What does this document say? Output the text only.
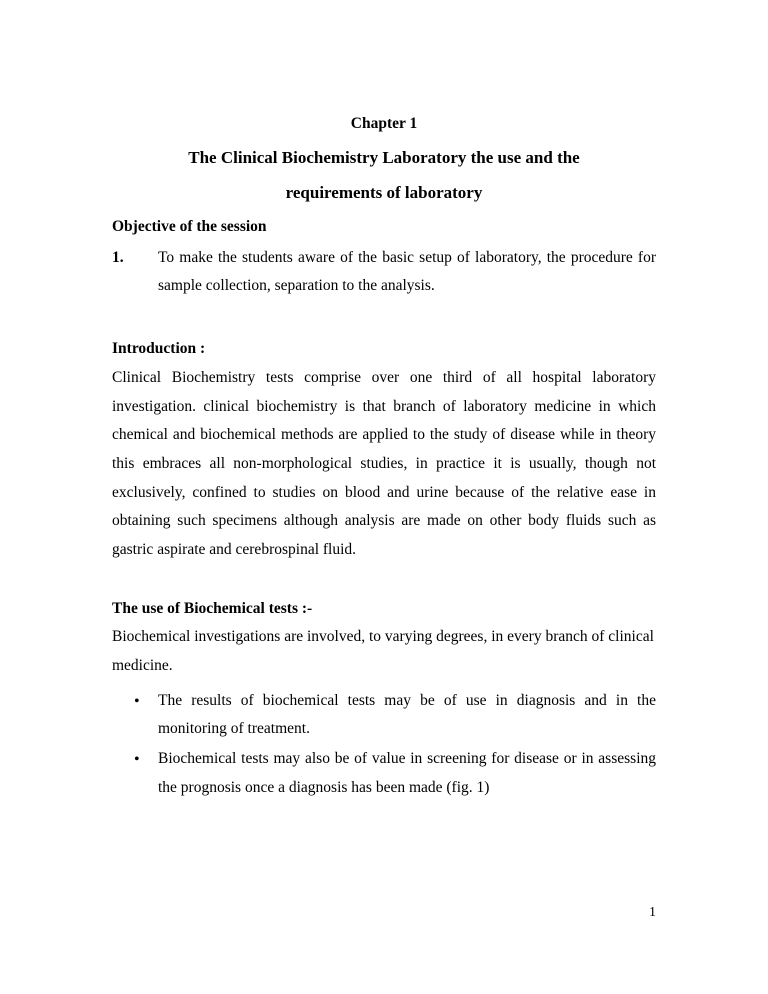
Chapter 1
The Clinical Biochemistry Laboratory the use and the
requirements of laboratory
Objective of the session
1.	To make the students aware of the basic setup of laboratory, the procedure for sample collection, separation to the analysis.
Introduction :

Clinical Biochemistry tests comprise over one third of all hospital laboratory investigation. clinical biochemistry is that branch of laboratory medicine in which chemical and biochemical methods are applied to the study of disease while in theory this embraces all non-morphological studies, in practice it is usually, though not exclusively, confined to studies on blood and urine because of the relative ease in obtaining such specimens although analysis are made on other body fluids such as gastric aspirate and cerebrospinal fluid.

The use of Biochemical tests :-

Biochemical investigations are involved, to varying degrees, in every branch of clinical medicine.

• The results of biochemical tests may be of use in diagnosis and in the monitoring of treatment.
• Biochemical tests may also be of value in screening for disease or in assessing the prognosis once a diagnosis has been made (fig. 1)
1
